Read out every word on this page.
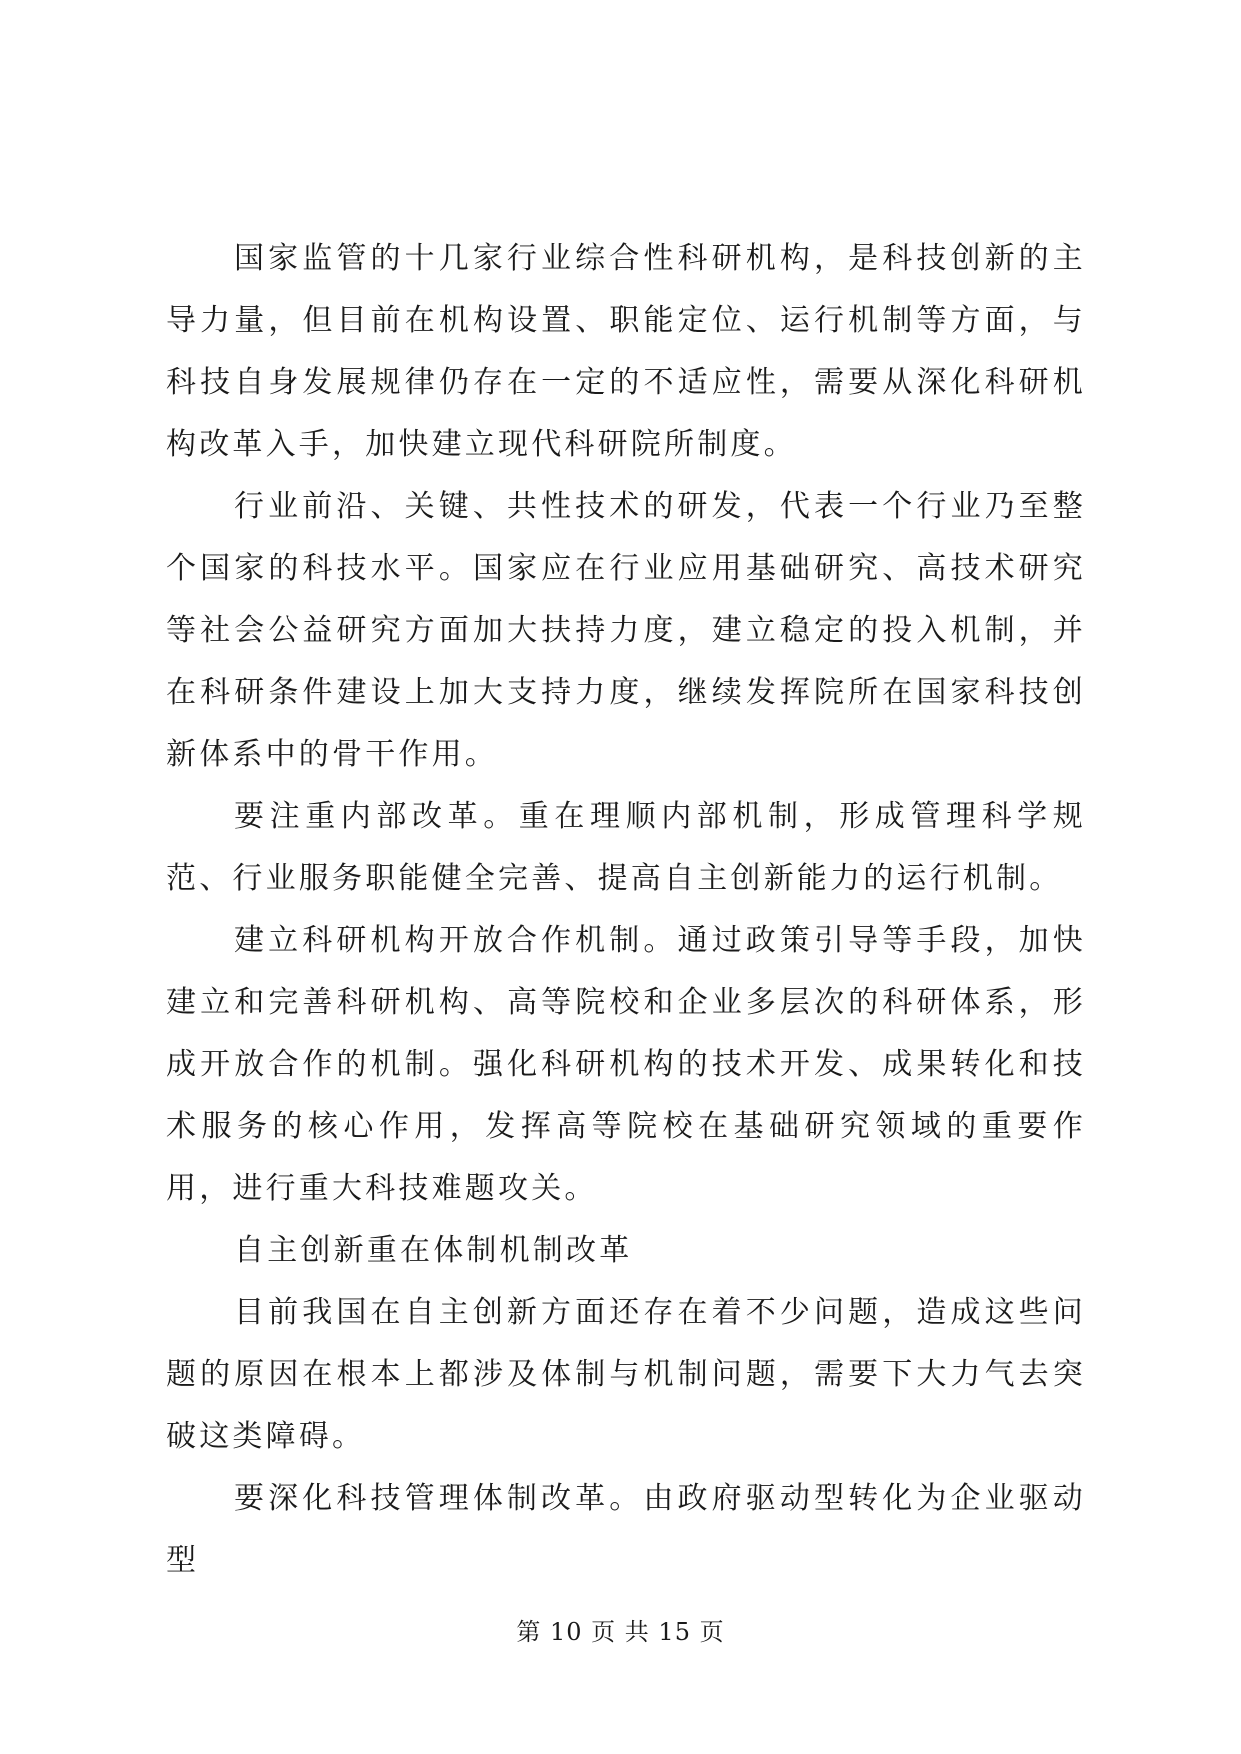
国家监管的十几家行业综合性科研机构，是科技创新的主导力量，但目前在机构设置、职能定位、运行机制等方面，与科技自身发展规律仍存在一定的不适应性，需要从深化科研机构改革入手，加快建立现代科研院所制度。

行业前沿、关键、共性技术的研发，代表一个行业乃至整个国家的科技水平。国家应在行业应用基础研究、高技术研究等社会公益研究方面加大扶持力度，建立稳定的投入机制，并在科研条件建设上加大支持力度，继续发挥院所在国家科技创新体系中的骨干作用。

要注重内部改革。重在理顺内部机制，形成管理科学规范、行业服务职能健全完善、提高自主创新能力的运行机制。

建立科研机构开放合作机制。通过政策引导等手段，加快建立和完善科研机构、高等院校和企业多层次的科研体系，形成开放合作的机制。强化科研机构的技术开发、成果转化和技术服务的核心作用，发挥高等院校在基础研究领域的重要作用，进行重大科技难题攻关。

自主创新重在体制机制改革

目前我国在自主创新方面还存在着不少问题，造成这些问题的原因在根本上都涉及体制与机制问题，需要下大力气去突破这类障碍。

要深化科技管理体制改革。由政府驱动型转化为企业驱动型

第 10 页 共 15 页
